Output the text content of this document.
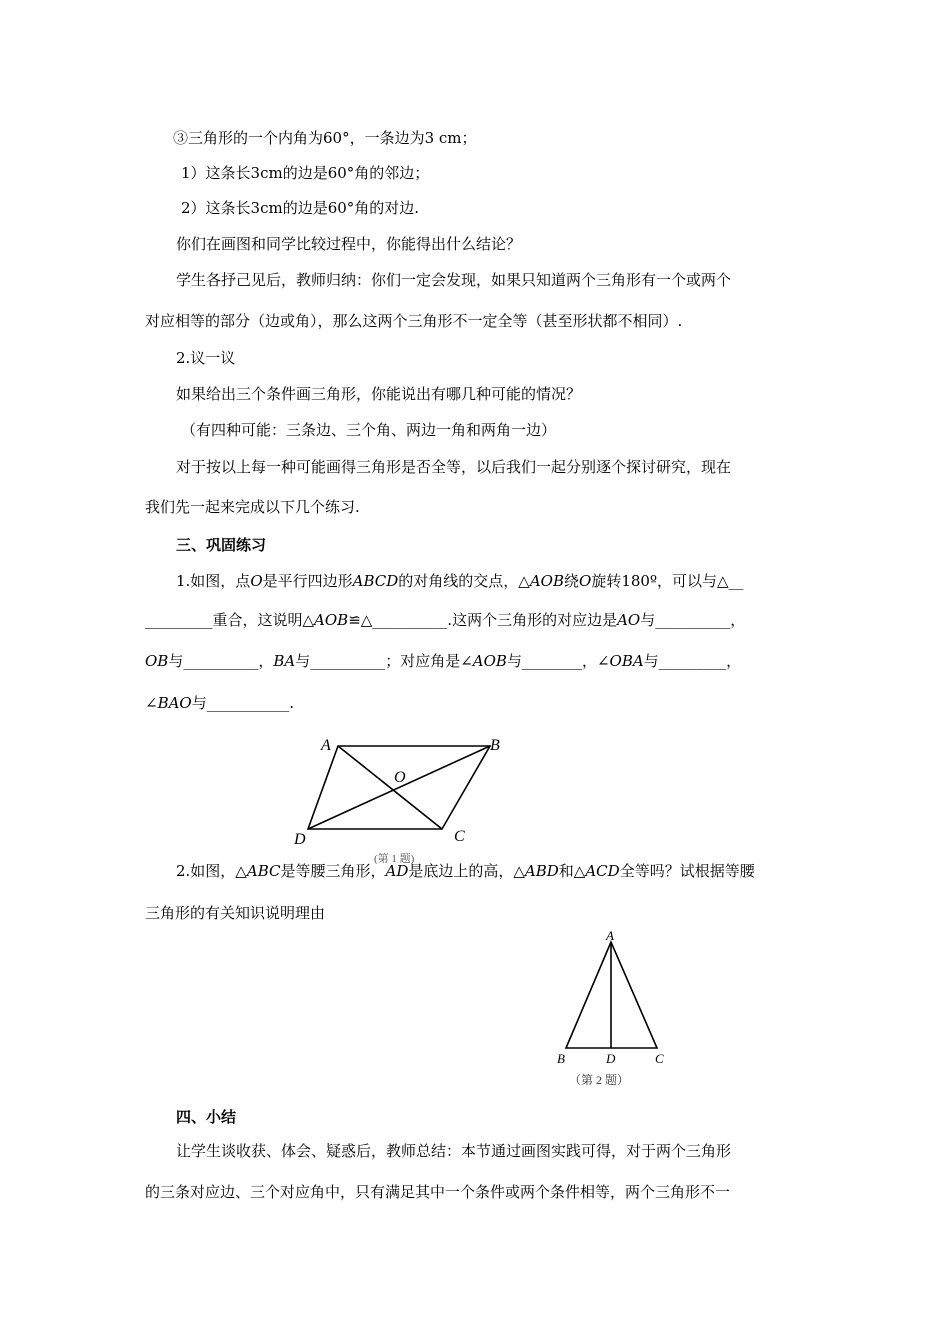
③三角形的一个内角为60°，一条边为3 cm；
1）这条长3cm的边是60°角的邻边；
2）这条长3cm的边是60°角的对边.
你们在画图和同学比较过程中，你能得出什么结论？
学生各抒己见后，教师归纳：你们一定会发现，如果只知道两个三角形有一个或两个
对应相等的部分（边或角），那么这两个三角形不一定全等（甚至形状都不相同）.
2.议一议
如果给出三个条件画三角形，你能说出有哪几种可能的情况？
（有四种可能：三条边、三个角、两边一角和两角一边）
对于按以上每一种可能画得三角形是否全等，以后我们一起分别逐个探讨研究，现在
我们先一起来完成以下几个练习.
三、巩固练习
1.如图，点O是平行四边形ABCD的对角线的交点，△AOB绕O旋转180º，可以与△__
_________重合，这说明△AOB≌△__________.这两个三角形的对应边是AO与__________，
OB与__________，BA与__________；对应角是∠AOB与________，∠OBA与_________，
∠BAO与___________.
A	B
O
D	C
(第 1 题)
2.如图，△ABC是等腰三角形，AD是底边上的高，△ABD和△ACD全等吗？试根据等腰
三角形的有关知识说明理由
A
B	D	C
（第 2 题）
四、小结
让学生谈收获、体会、疑惑后，教师总结：本节通过画图实践可得，对于两个三角形
的三条对应边、三个对应角中，只有满足其中一个条件或两个条件相等，两个三角形不一
